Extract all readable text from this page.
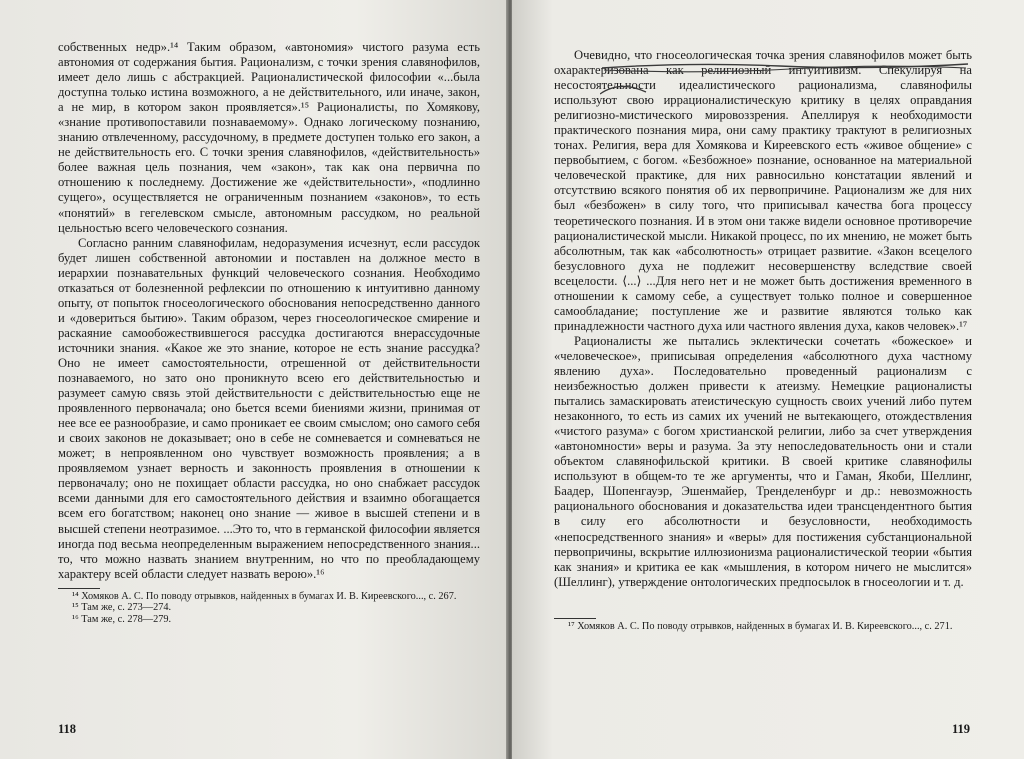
собственных недр».¹⁴ Таким образом, «автономия» чистого разума есть автономия от содержания бытия. Рационализм, с точки зрения славянофилов, имеет дело лишь с абстракцией. Рационалистической философии «...была доступна только истина возможного, а не действительного, или иначе, закон, а не мир, в котором закон проявляется».¹⁵ Рационалисты, по Хомякову, «знание противопоставили познаваемому». Однако логическому познанию, знанию отвлеченному, рассудочному, в предмете доступен только его закон, а не действительность его. С точки зрения славянофилов, «действительность» более важная цель познания, чем «закон», так как она первична по отношению к последнему. Достижение же «действительности», «подлинно сущего», осуществляется не ограниченным познанием «законов», то есть «понятий» в гегелевском смысле, автономным рассудком, но реальной цельностью всего человеческого сознания.

Согласно ранним славянофилам, недоразумения исчезнут, если рассудок будет лишен собственной автономии и поставлен на должное место в иерархии познавательных функций человеческого сознания. Необходимо отказаться от болезненной рефлексии по отношению к интуитивно данному опыту, от попыток гносеологического обоснования непосредственно данного и «довериться бытию». Таким образом, через гносеологическое смирение и раскаяние самообожествившегося рассудка достигаются внерассудочные источники знания. «Какое же это знание, которое не есть знание рассудка? Оно не имеет самостоятельности, отрешенной от действительности познаваемого, но зато оно проникнуто всею его действительностью и разумеет самую связь этой действительности с действительностью еще не проявленного первоначала; оно бьется всеми биениями жизни, принимая от нее все ее разнообразие, и само проникает ее своим смыслом; оно самого себя и своих законов не доказывает; оно в себе не сомневается и сомневаться не может; в непроявленном оно чувствует возможность проявления; а в проявляемом узнает верность и законность проявления в отношении к первоначалу; оно не похищает области рассудка, но оно снабжает рассудок всеми данными для его самостоятельного действия и взаимно обогащается всем его богатством; наконец оно знание — живое в высшей степени и в высшей степени неотразимое. ...Это то, что в германской философии является иногда под весьма неопределенным выражением непосредственного знания... то, что можно назвать знанием внутренним, но что по преобладающему характеру всей области следует назвать верою».¹⁶

¹⁴ Хомяков А. С. По поводу отрывков, найденных в бумагах И. В. Киреевского..., с. 267.

¹⁵ Там же, с. 273—274.

¹⁶ Там же, с. 278—279.

118

Очевидно, что гносеологическая точка зрения славянофилов может быть охарактеризована как религиозный интуитивизм. Спекулируя на несостоятельности идеалистического рационализма, славянофилы используют свою иррационалистическую критику в целях оправдания религиозно-мистического мировоззрения. Апеллируя к необходимости практического познания мира, они саму практику трактуют в религиозных тонах. Религия, вера для Хомякова и Киреевского есть «живое общение» с первобытием, с богом. «Безбожное» познание, основанное на материальной человеческой практике, для них равносильно констатации явлений и отсутствию всякого понятия об их первопричине. Рационализм же для них был «безбожен» в силу того, что приписывал качества бога процессу теоретического познания. И в этом они также видели основное противоречие рационалистической мысли. Никакой процесс, по их мнению, не может быть абсолютным, так как «абсолютность» отрицает развитие. «Закон всецелого безусловного духа не подлежит несовершенству вследствие своей всецелости. ⟨...⟩ ...Для него нет и не может быть достижения временного в отношении к самому себе, а существует только полное и совершенное самообладание; поступление же и развитие являются только как принадлежности частного духа или частного явления духа, каков человек».¹⁷

Рационалисты же пытались эклектически сочетать «божеское» и «человеческое», приписывая определения «абсолютного духа частному явлению духа». Последовательно проведенный рационализм с неизбежностью должен привести к атеизму. Немецкие рационалисты пытались замаскировать атеистическую сущность своих учений либо путем незаконного, то есть из самих их учений не вытекающего, отождествления «чистого разума» с богом христианской религии, либо за счет утверждения «автономности» веры и разума. За эту непоследовательность они и стали объектом славянофильской критики. В своей критике славянофилы используют в общем-то те же аргументы, что и Гаман, Якоби, Шеллинг, Баадер, Шопенгауэр, Эшенмайер, Тренделенбург и др.: невозможность рационального обоснования и доказательства идеи трансцендентного бытия в силу его абсолютности и безусловности, необходимость «непосредственного знания» и «веры» для постижения субстанциональной первопричины, вскрытие иллюзионизма рационалистической теории «бытия как знания» и критика ее как «мышления, в котором ничего не мыслится» (Шеллинг), утверждение онтологических предпосылок в гносеологии и т. д.

¹⁷ Хомяков А. С. По поводу отрывков, найденных в бумагах И. В. Киреевского..., с. 271.

119
